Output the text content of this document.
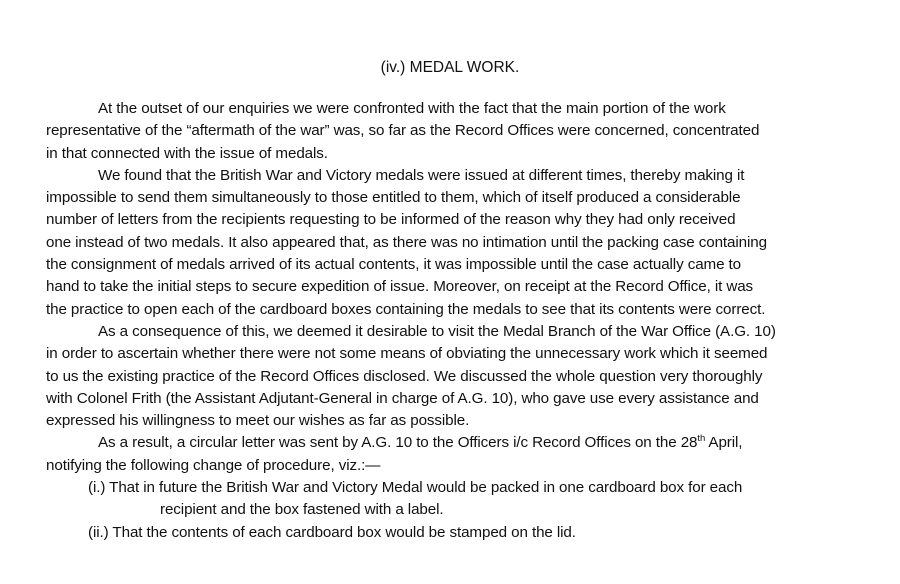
(iv.) MEDAL WORK.
At the outset of our enquiries we were confronted with the fact that the main portion of the work
representative of the “aftermath of the war” was, so far as the Record Offices were concerned, concentrated
in that connected with the issue of medals.
We found that the British War and Victory medals were issued at different times, thereby making it
impossible to send them simultaneously to those entitled to them, which of itself produced a considerable
number of letters from the recipients requesting to be informed of the reason why they had only received
one instead of two medals. It also appeared that, as there was no intimation until the packing case containing
the consignment of medals arrived of its actual contents, it was impossible until the case actually came to
hand to take the initial steps to secure expedition of issue. Moreover, on receipt at the Record Office, it was
the practice to open each of the cardboard boxes containing the medals to see that its contents were correct.
As a consequence of this, we deemed it desirable to visit the Medal Branch of the War Office (A.G. 10)
in order to ascertain whether there were not some means of obviating the unnecessary work which it seemed
to us the existing practice of the Record Offices disclosed. We discussed the whole question very thoroughly
with Colonel Frith (the Assistant Adjutant-General in charge of A.G. 10), who gave use every assistance and
expressed his willingness to meet our wishes as far as possible.
As a result, a circular letter was sent by A.G. 10 to the Officers i/c Record Offices on the 28th April,
notifying the following change of procedure, viz.:—
(i.) That in future the British War and Victory Medal would be packed in one cardboard box for each
recipient and the box fastened with a label.
(ii.) That the contents of each cardboard box would be stamped on the lid.
